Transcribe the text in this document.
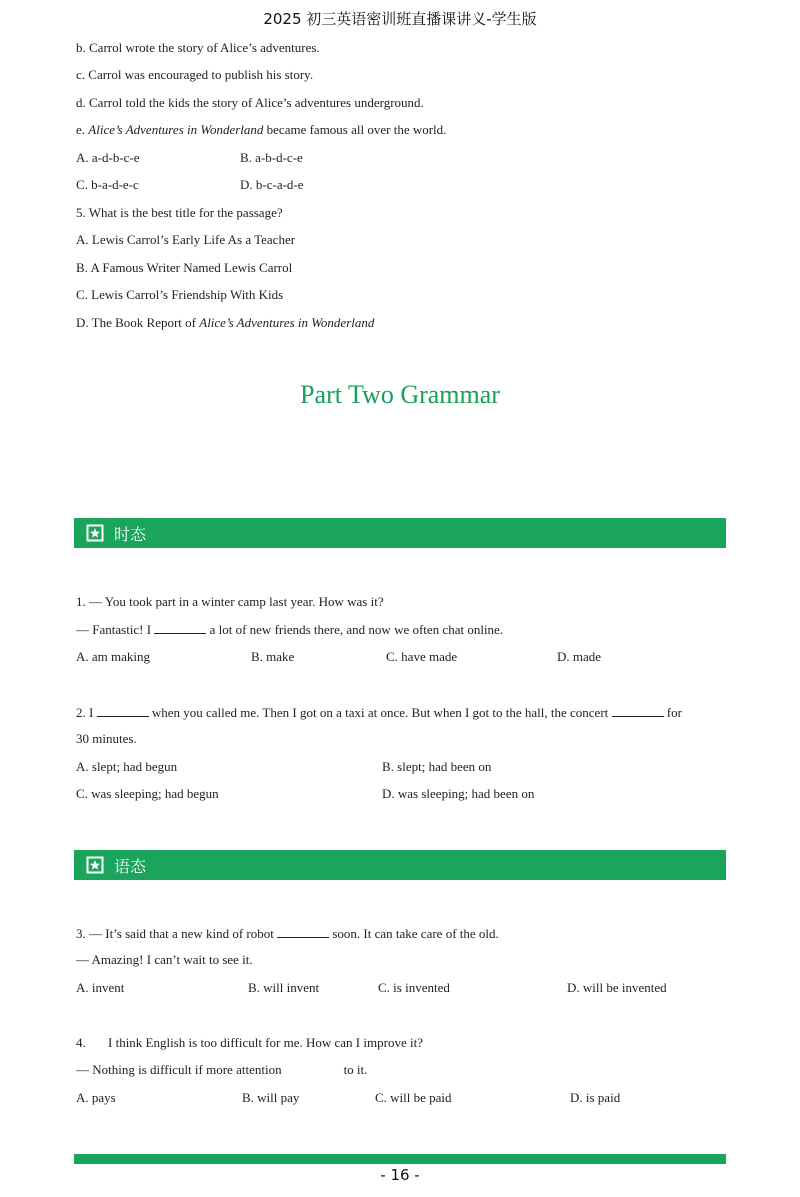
2025 初三英语密训班直播课讲义-学生版
b. Carrol wrote the story of Alice’s adventures.
c. Carrol was encouraged to publish his story.
d. Carrol told the kids the story of Alice’s adventures underground.
e. Alice’s Adventures in Wonderland became famous all over the world.
A. a-d-b-c-e	B. a-b-d-c-e
C. b-a-d-e-c	D. b-c-a-d-e
5. What is the best title for the passage?
A. Lewis Carrol’s Early Life As a Teacher
B. A Famous Writer Named Lewis Carrol
C. Lewis Carrol’s Friendship With Kids
D. The Book Report of Alice’s Adventures in Wonderland
Part Two Grammar
时态
1. — You took part in a winter camp last year. How was it?
— Fantastic! I	a lot of new friends there, and now we often chat online.
A. am making	B. make	C. have made	D. made
2. I	when you called me. Then I got on a taxi at once. But when I got to the hall, the concert	for
30 minutes.
A. slept; had begun	B. slept; had been on
C. was sleeping; had begun	D. was sleeping; had been on
语态
3. — It’s said that a new kind of robot	soon. It can take care of the old.
— Amazing! I can’t wait to see it.
A. invent	B. will invent	C. is invented	D. will be invented
4. I think English is too difficult for me. How can I improve it?
— Nothing is difficult if more attention	to it.
A. pays	B. will pay	C. will be paid	D. is paid
- 16 -
